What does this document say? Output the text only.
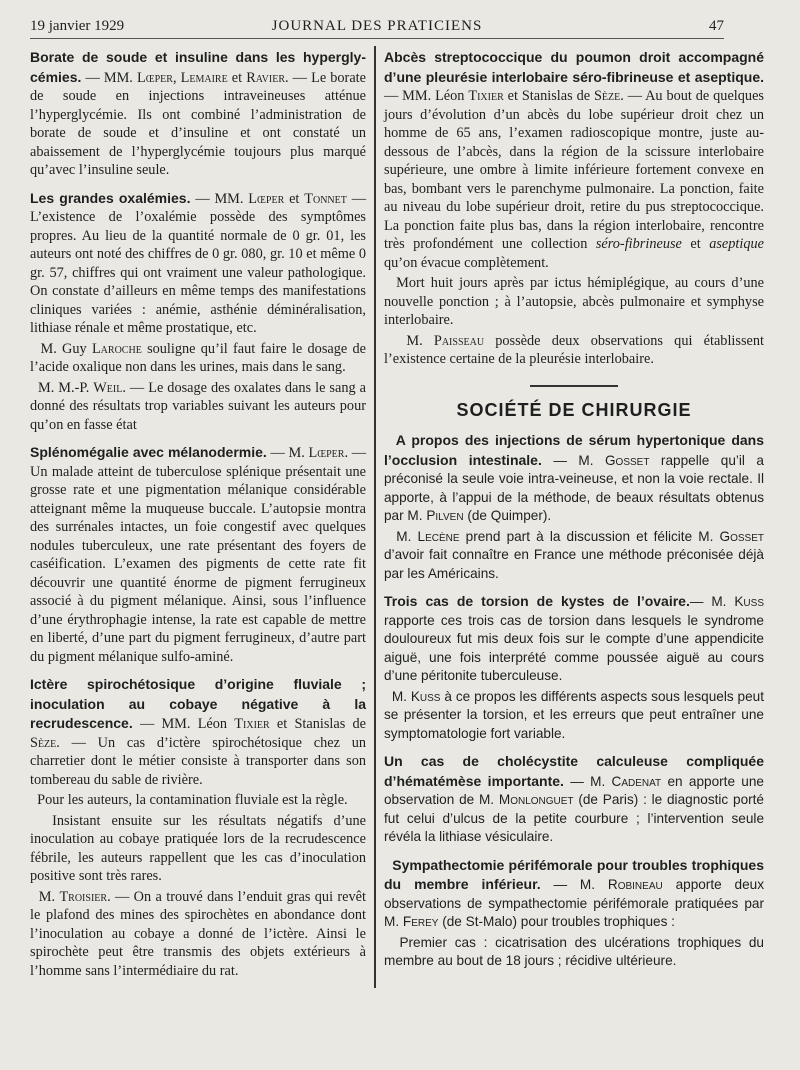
19 janvier 1929	JOURNAL DES PRATICIENS	47

Borate de soude et insuline dans les hypergly-cémies. — MM. Lœper, Lemaire et Ravier. — Le borate de soude en injections intraveineuses atténue l’hyperglycémie. Ils ont combiné l’administration de borate de soude et d’insuline et ont constaté un abaissement de l’hyperglycémie toujours plus marqué qu’avec l’insuline seule.

Les grandes oxalémies. — MM. Lœper et Tonnet — L’existence de l’oxalémie possède des symptômes propres. Au lieu de la quantité normale de 0 gr. 01, les auteurs ont noté des chiffres de 0 gr. 080, gr. 10 et même 0 gr. 57, chiffres qui ont vraiment une valeur pathologique. On constate d’ailleurs en même temps des manifestations cliniques variées : anémie, asthénie déminéralisation, lithiase rénale et même prostatique, etc.

M. Guy Laroche souligne qu’il faut faire le dosage de l’acide oxalique non dans les urines, mais dans le sang.

M. M.-P. Weil. — Le dosage des oxalates dans le sang a donné des résultats trop variables suivant les auteurs pour qu’on en fasse état

Splénomégalie avec mélanodermie. — M. Lœper. — Un malade atteint de tuberculose splénique présentait une grosse rate et une pigmentation mélanique considérable atteignant même la muqueuse buccale. L’autopsie montra des surrénales intactes, un foie congestif avec quelques nodules tuberculeux, une rate présentant des foyers de caséification. L’examen des pigments de cette rate fit découvrir une quantité énorme de pigment ferrugineux associé à du pigment mélanique. Ainsi, sous l’influence d’une érythrophagie intense, la rate est capable de mettre en liberté, d’une part du pigment ferrugineux, d’autre part du pigment mélanique sulfo-aminé.

Ictère spirochétosique d’origine fluviale ; inoculation au cobaye négative à la recrudescence. — MM. Léon Tixier et Stanislas de Sèze. — Un cas d’ictère spirochétosique chez un charretier dont le métier consiste à transporter dans son tombereau du sable de rivière.

Pour les auteurs, la contamination fluviale est la règle.

Insistant ensuite sur les résultats négatifs d’une inoculation au cobaye pratiquée lors de la recrudescence fébrile, les auteurs rappellent que les cas d’inoculation positive sont très rares.

M. Troisier. — On a trouvé dans l’enduit gras qui revêt le plafond des mines des spirochètes en abondance dont l’inoculation au cobaye a donné de l’ictère. Ainsi le spirochète peut être transmis des objets extérieurs à l’homme sans l’intermédiaire du rat.

Abcès streptococcique du poumon droit accompagné d’une pleurésie interlobaire séro-fibrineuse et aseptique. — MM. Léon Tixier et Stanislas de Sèze. — Au bout de quelques jours d’évolution d’un abcès du lobe supérieur droit chez un homme de 65 ans, l’examen radioscopique montre, juste au-dessous de l’abcès, dans la région de la scissure interlobaire supérieure, une ombre à limite inférieure fortement convexe en bas, bombant vers le parenchyme pulmonaire. La ponction, faite au niveau du lobe supérieur droit, retire du pus streptococcique. La ponction faite plus bas, dans la région interlobaire, rencontre très profondément une collection séro-fibrineuse et aseptique qu’on évacue complètement.

Mort huit jours après par ictus hémiplégique, au cours d’une nouvelle ponction ; à l’autopsie, abcès pulmonaire et symphyse interlobaire.

M. Paisseau possède deux observations qui établissent l’existence certaine de la pleurésie interlobaire.

SOCIÉTÉ DE CHIRURGIE

A propos des injections de sérum hypertonique dans l’occlusion intestinale. — M. Gosset rappelle qu’il a préconisé la seule voie intra-veineuse, et non la voie rectale. Il apporte, à l’appui de la méthode, de beaux résultats obtenus par M. Pilven (de Quimper).

M. Lecène prend part à la discussion et félicite M. Gosset d’avoir fait connaître en France une méthode préconisée déjà par les Américains.

Trois cas de torsion de kystes de l’ovaire.— M. Kuss rapporte ces trois cas de torsion dans lesquels le syndrome douloureux fut mis deux fois sur le compte d’une appendicite aiguë, une fois interprété comme poussée aiguë au cours d’une péritonite tuberculeuse.

M. Kuss à ce propos les différents aspects sous lesquels peut se présenter la torsion, et les erreurs que peut entraîner une symptomatologie fort variable.

Un cas de cholécystite calculeuse compliquée d’hématémèse importante. — M. Cadenat en apporte une observation de M. Monlonguet (de Paris) : le diagnostic porté fut celui d’ulcus de la petite courbure ; l’intervention seule révéla la lithiase vésiculaire.

Sympathectomie périfémorale pour troubles trophiques du membre inférieur. — M. Robineau apporte deux observations de sympathectomie périfémorale pratiquées par M. Ferey (de St-Malo) pour troubles trophiques :

Premier cas : cicatrisation des ulcérations trophiques du membre au bout de 18 jours ; récidive ultérieure.
